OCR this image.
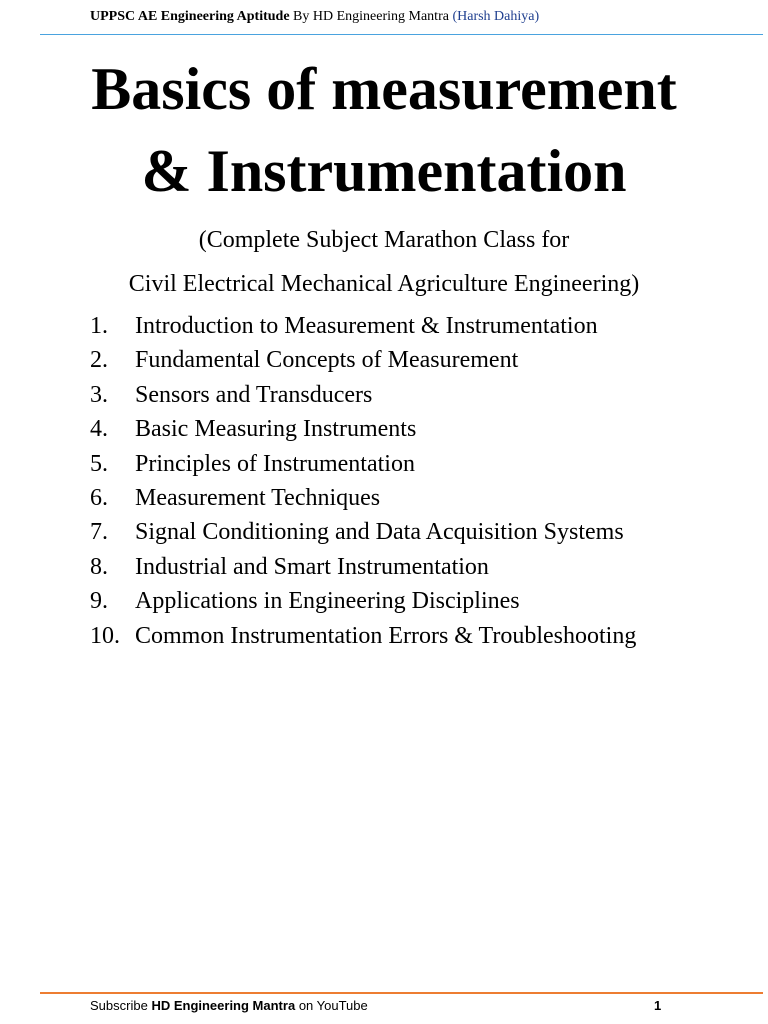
UPPSC AE Engineering Aptitude By HD Engineering Mantra (Harsh Dahiya)
Basics of measurement
& Instrumentation
(Complete Subject Marathon Class for
Civil Electrical Mechanical Agriculture Engineering)
1.	Introduction to Measurement & Instrumentation
2.	Fundamental Concepts of Measurement
3.	Sensors and Transducers
4.	Basic Measuring Instruments
5.	Principles of Instrumentation
6.	Measurement Techniques
7.	Signal Conditioning and Data Acquisition Systems
8.	Industrial and Smart Instrumentation
9.	Applications in Engineering Disciplines
10. Common Instrumentation Errors & Troubleshooting
Subscribe HD Engineering Mantra on YouTube	1
